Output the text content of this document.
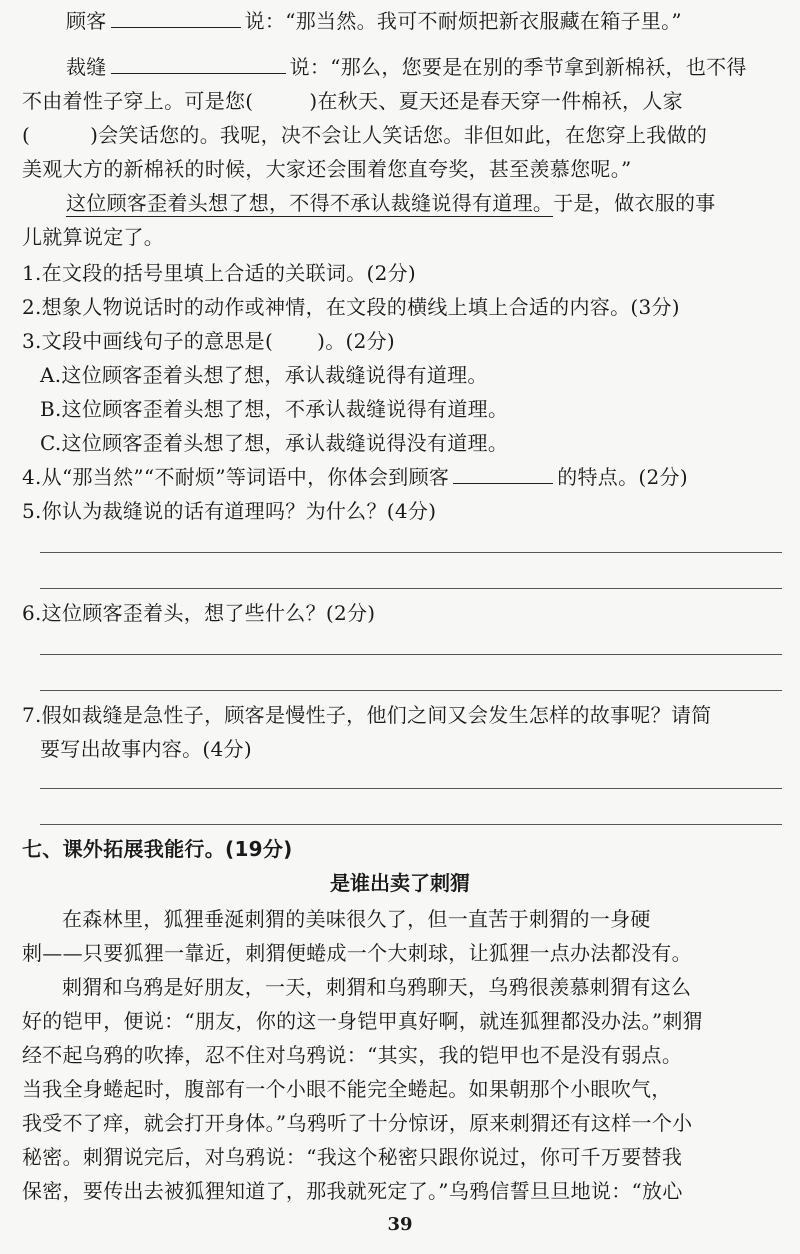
顾客	说：“那当然。我可不耐烦把新衣服藏在箱子里。”
裁缝	说：“那么，您要是在别的季节拿到新棉袄，也不得
不由着性子穿上。可是您(	)在秋天、夏天还是春天穿一件棉袄，人家
(	)会笑话您的。我呢，决不会让人笑话您。非但如此，在您穿上我做的
美观大方的新棉袄的时候，大家还会围着您直夸奖，甚至羡慕您呢。”
这位顾客歪着头想了想，不得不承认裁缝说得有道理。于是，做衣服的事
儿就算说定了。
1.在文段的括号里填上合适的关联词。(2分)
2.想象人物说话时的动作或神情，在文段的横线上填上合适的内容。(3分)
3.文段中画线句子的意思是( )。(2分)
A.这位顾客歪着头想了想，承认裁缝说得有道理。
B.这位顾客歪着头想了想，不承认裁缝说得有道理。
C.这位顾客歪着头想了想，承认裁缝说得没有道理。
4.从“那当然”“不耐烦”等词语中，你体会到顾客	的特点。(2分)
5.你认为裁缝说的话有道理吗？为什么？(4分)
6.这位顾客歪着头，想了些什么？(2分)
7.假如裁缝是急性子，顾客是慢性子，他们之间又会发生怎样的故事呢？请简
要写出故事内容。(4分)
七、课外拓展我能行。(19分)
是谁出卖了刺猬
在森林里，狐狸垂涎刺猬的美味很久了，但一直苦于刺猬的一身硬
刺——只要狐狸一靠近，刺猬便蜷成一个大刺球，让狐狸一点办法都没有。
刺猬和乌鸦是好朋友，一天，刺猬和乌鸦聊天，乌鸦很羡慕刺猬有这么
好的铠甲，便说：“朋友，你的这一身铠甲真好啊，就连狐狸都没办法。”刺猬
经不起乌鸦的吹捧，忍不住对乌鸦说：“其实，我的铠甲也不是没有弱点。
当我全身蜷起时，腹部有一个小眼不能完全蜷起。如果朝那个小眼吹气，
我受不了痒，就会打开身体。”乌鸦听了十分惊讶，原来刺猬还有这样一个小
秘密。刺猬说完后，对乌鸦说：“我这个秘密只跟你说过，你可千万要替我
保密，要传出去被狐狸知道了，那我就死定了。”乌鸦信誓旦旦地说：“放心
39
